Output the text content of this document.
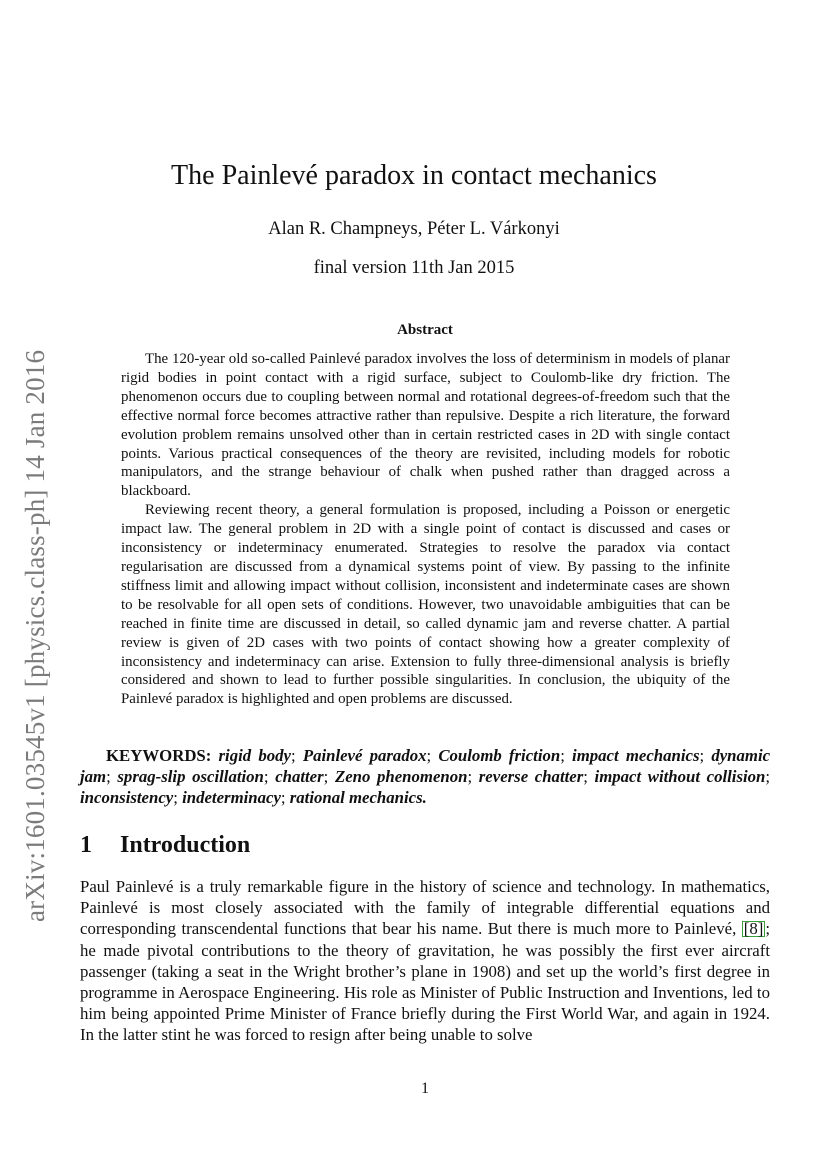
arXiv:1601.03545v1 [physics.class-ph] 14 Jan 2016
The Painlevé paradox in contact mechanics
Alan R. Champneys, Péter L. Várkonyi
final version 11th Jan 2015
Abstract

The 120-year old so-called Painlevé paradox involves the loss of determinism in models of planar rigid bodies in point contact with a rigid surface, subject to Coulomb-like dry friction. The phenomenon occurs due to coupling between normal and rotational degrees-of-freedom such that the effective normal force becomes attractive rather than repulsive. Despite a rich literature, the forward evolution problem remains unsolved other than in certain restricted cases in 2D with single contact points. Various practical consequences of the theory are revisited, including models for robotic manipulators, and the strange behaviour of chalk when pushed rather than dragged across a blackboard.

Reviewing recent theory, a general formulation is proposed, including a Poisson or energetic impact law. The general problem in 2D with a single point of contact is discussed and cases or inconsistency or indeterminacy enumerated. Strategies to resolve the paradox via contact regularisation are discussed from a dynamical systems point of view. By passing to the infinite stiffness limit and allowing impact without collision, inconsistent and indeterminate cases are shown to be resolvable for all open sets of conditions. However, two unavoidable ambiguities that can be reached in finite time are discussed in detail, so called dynamic jam and reverse chatter. A partial review is given of 2D cases with two points of contact showing how a greater complexity of inconsistency and indeterminacy can arise. Extension to fully three-dimensional analysis is briefly considered and shown to lead to further possible singularities. In conclusion, the ubiquity of the Painlevé paradox is highlighted and open problems are discussed.

KEYWORDS: rigid body; Painlevé paradox; Coulomb friction; impact mechanics; dynamic jam; sprag-slip oscillation; chatter; Zeno phenomenon; reverse chatter; impact without collision; inconsistency; indeterminacy; rational mechanics.
1 Introduction

Paul Painlevé is a truly remarkable figure in the history of science and technology. In mathematics, Painlevé is most closely associated with the family of integrable differential equations and corresponding transcendental functions that bear his name. But there is much more to Painlevé, [8] ; he made pivotal contributions to the theory of gravitation, he was possibly the first ever aircraft passenger (taking a seat in the Wright brother’s plane in 1908) and set up the world’s first degree in programme in Aerospace Engineering. His role as Minister of Public Instruction and Inventions, led to him being appointed Prime Minister of France briefly during the First World War, and again in 1924. In the latter stint he was forced to resign after being unable to solve

1
